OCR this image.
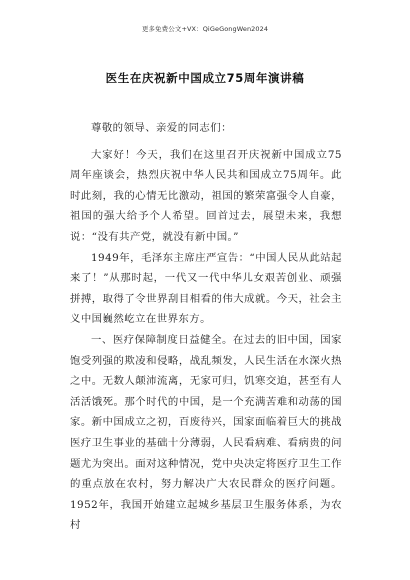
更多免费公文+VX：QiGeGongWen2024
医生在庆祝新中国成立75周年演讲稿

尊敬的领导、亲爱的同志们：

大家好！今天，我们在这里召开庆祝新中国成立75周年座谈会，热烈庆祝中华人民共和国成立75周年。此时此刻，我的心情无比激动，祖国的繁荣富强令人自豪，祖国的强大给予个人希望。回首过去，展望未来，我想说：“没有共产党，就没有新中国。”

1949年，毛泽东主席庄严宣告：“中国人民从此站起来了！”从那时起，一代又一代中华儿女艰苦创业、顽强拼搏，取得了令世界刮目相看的伟大成就。今天，社会主义中国巍然屹立在世界东方。

一、医疗保障制度日益健全。在过去的旧中国，国家饱受列强的欺凌和侵略，战乱频发，人民生活在水深火热之中。无数人颠沛流离，无家可归，饥寒交迫，甚至有人活活饿死。那个时代的中国，是一个充满苦难和动荡的国家。新中国成立之初，百废待兴，国家面临着巨大的挑战医疗卫生事业的基础十分薄弱，人民看病难、看病贵的问题尤为突出。面对这种情况，党中央决定将医疗卫生工作的重点放在农村，努力解决广大农民群众的医疗问题。1952年，我国开始建立起城乡基层卫生服务体系，为农村
